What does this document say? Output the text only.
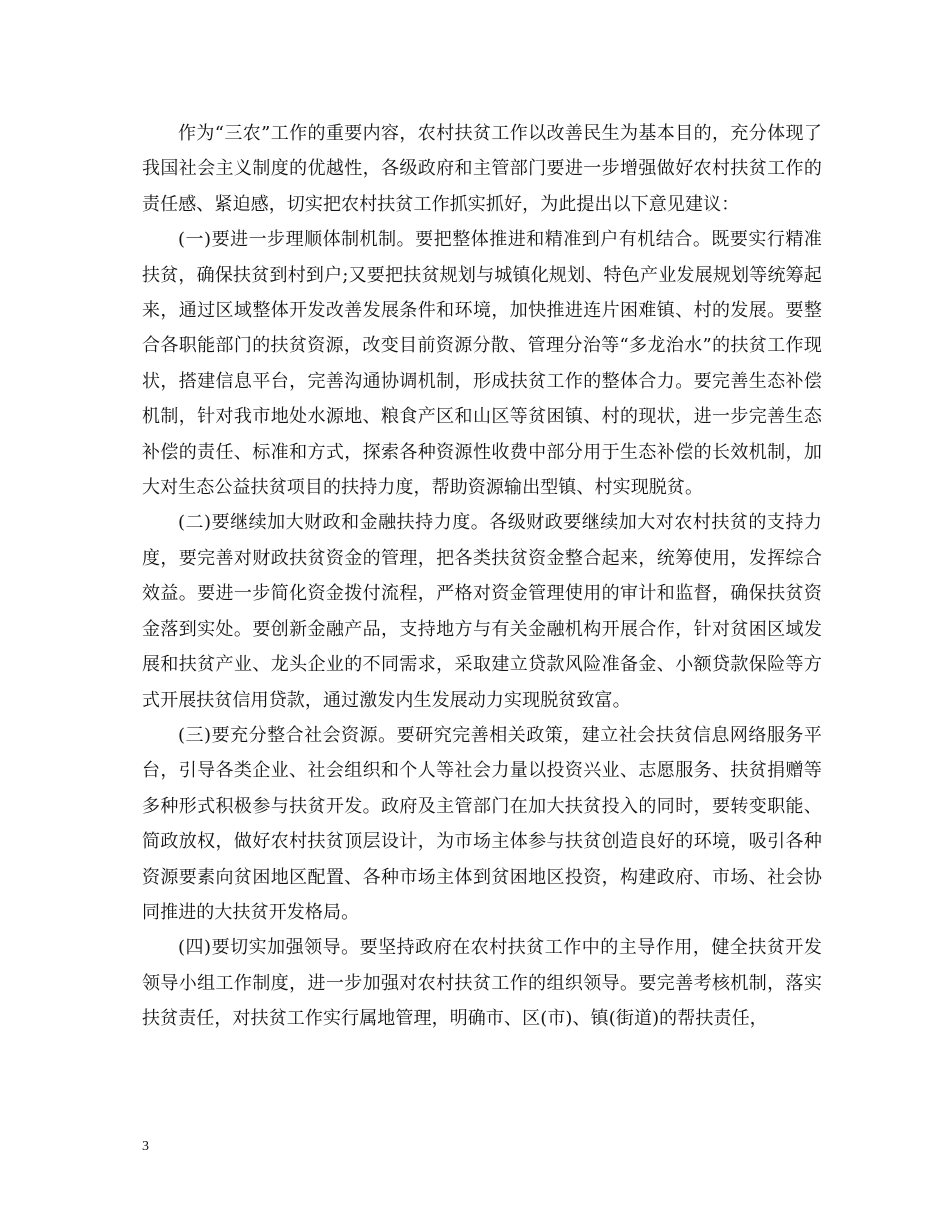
作为“三农”工作的重要内容，农村扶贫工作以改善民生为基本目的，充分体现了我国社会主义制度的优越性，各级政府和主管部门要进一步增强做好农村扶贫工作的责任感、紧迫感，切实把农村扶贫工作抓实抓好，为此提出以下意见建议：

(一)要进一步理顺体制机制。要把整体推进和精准到户有机结合。既要实行精准扶贫，确保扶贫到村到户;又要把扶贫规划与城镇化规划、特色产业发展规划等统筹起来，通过区域整体开发改善发展条件和环境，加快推进连片困难镇、村的发展。要整合各职能部门的扶贫资源，改变目前资源分散、管理分治等“多龙治水”的扶贫工作现状，搭建信息平台，完善沟通协调机制，形成扶贫工作的整体合力。要完善生态补偿机制，针对我市地处水源地、粮食产区和山区等贫困镇、村的现状，进一步完善生态补偿的责任、标准和方式，探索各种资源性收费中部分用于生态补偿的长效机制，加大对生态公益扶贫项目的扶持力度，帮助资源输出型镇、村实现脱贫。

(二)要继续加大财政和金融扶持力度。各级财政要继续加大对农村扶贫的支持力度，要完善对财政扶贫资金的管理，把各类扶贫资金整合起来，统筹使用，发挥综合效益。要进一步简化资金拨付流程，严格对资金管理使用的审计和监督，确保扶贫资金落到实处。要创新金融产品，支持地方与有关金融机构开展合作，针对贫困区域发展和扶贫产业、龙头企业的不同需求，采取建立贷款风险准备金、小额贷款保险等方式开展扶贫信用贷款，通过激发内生发展动力实现脱贫致富。

(三)要充分整合社会资源。要研究完善相关政策，建立社会扶贫信息网络服务平台，引导各类企业、社会组织和个人等社会力量以投资兴业、志愿服务、扶贫捐赠等多种形式积极参与扶贫开发。政府及主管部门在加大扶贫投入的同时，要转变职能、简政放权，做好农村扶贫顶层设计，为市场主体参与扶贫创造良好的环境，吸引各种资源要素向贫困地区配置、各种市场主体到贫困地区投资，构建政府、市场、社会协同推进的大扶贫开发格局。

(四)要切实加强领导。要坚持政府在农村扶贫工作中的主导作用，健全扶贫开发领导小组工作制度，进一步加强对农村扶贫工作的组织领导。要完善考核机制，落实扶贫责任，对扶贫工作实行属地管理，明确市、区(市)、镇(街道)的帮扶责任，

3
